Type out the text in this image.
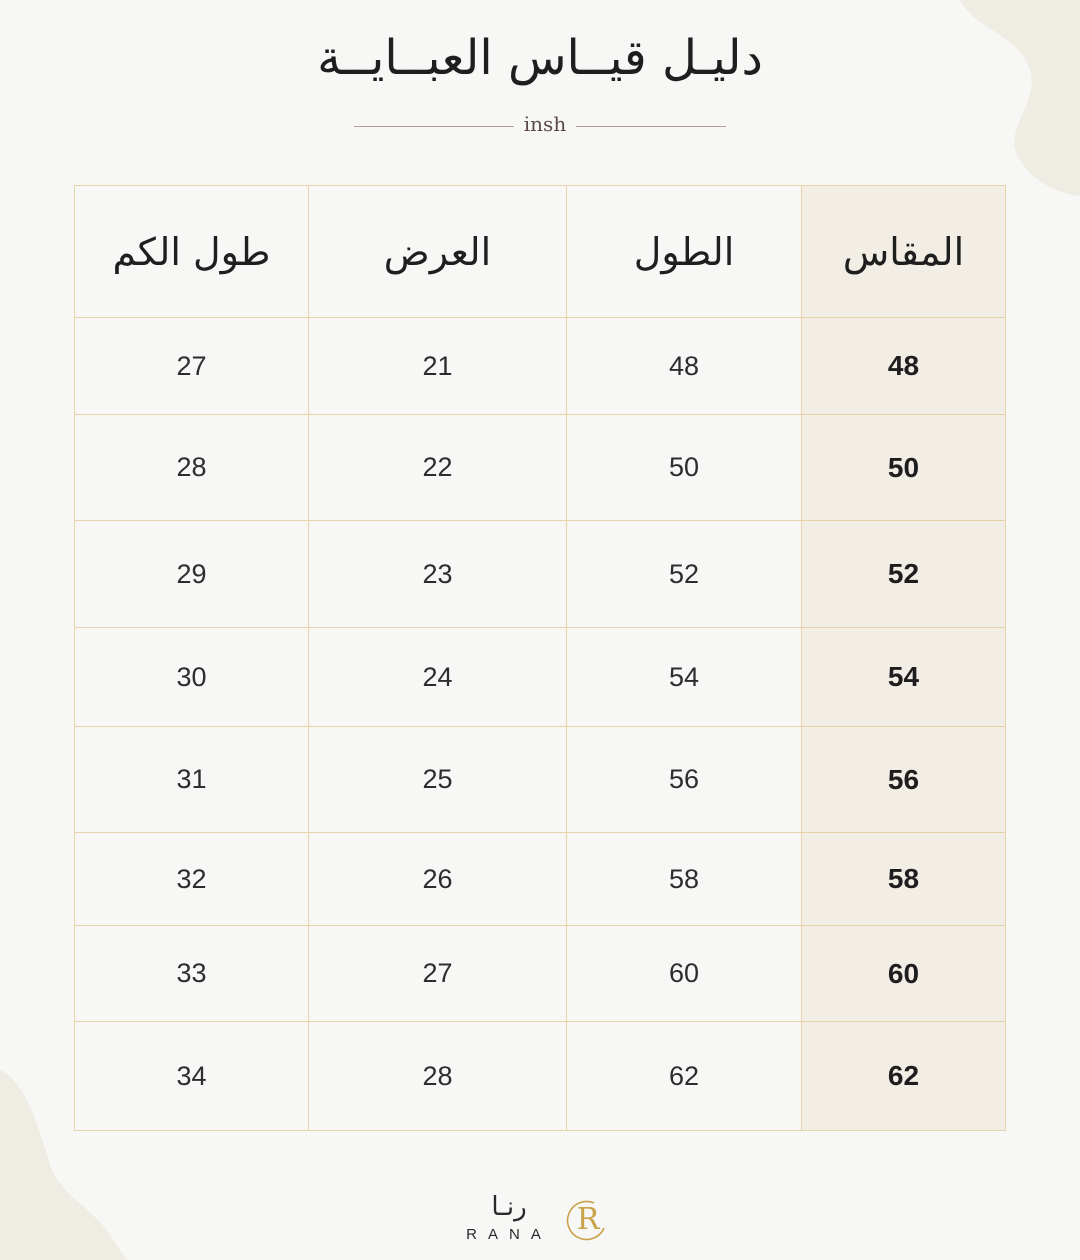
دليـل قيــاس العبــايــة
insh
المقاس	الطول	العرض	طول الكم
48	48	21	27
50	50	22	28
52	52	23	29
54	54	24	30
56	56	25	31
58	58	26	32
60	60	27	33
62	62	28	34
رنـا
RANA R
